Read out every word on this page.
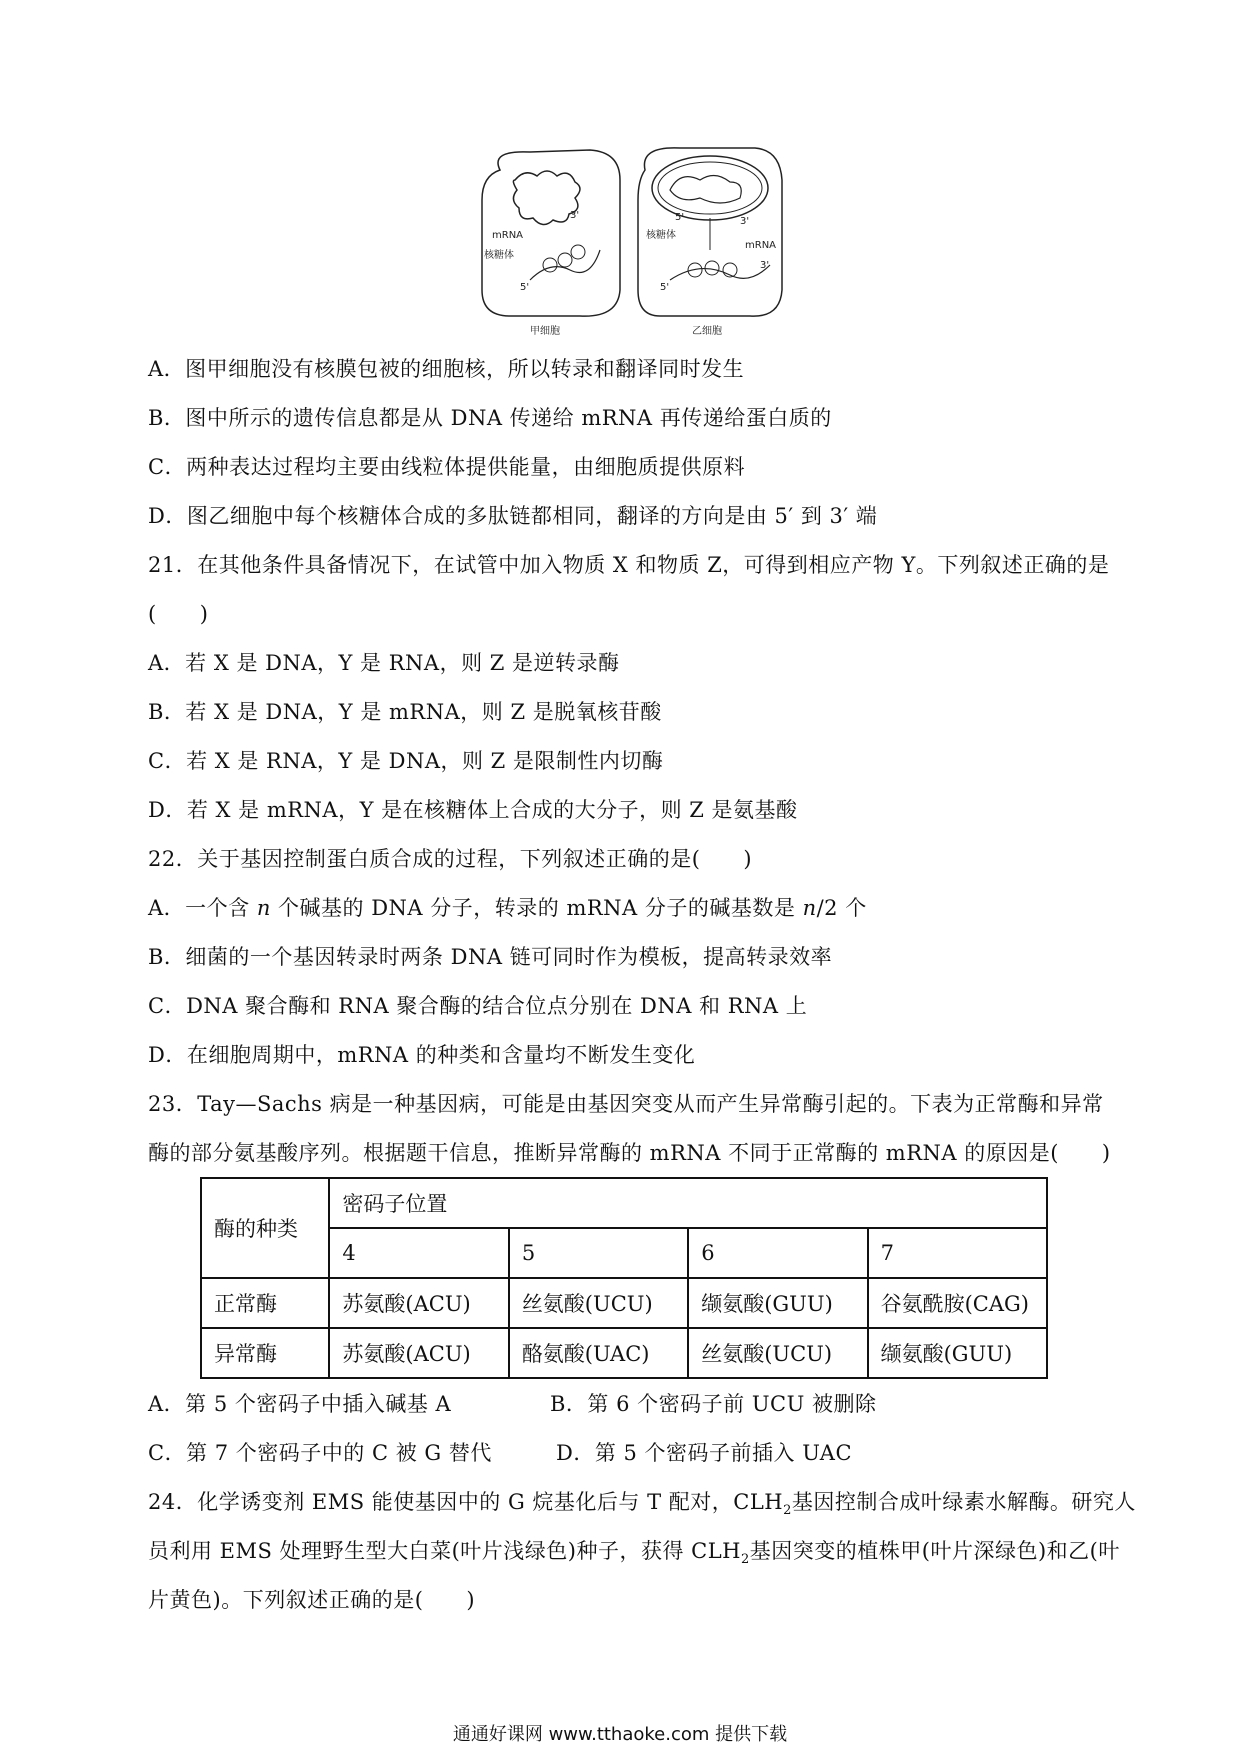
mRNA
核糖体
5'
3'
甲细胞
核糖体
mRNA
5'
3'
5'	3'
乙细胞
A．图甲细胞没有核膜包被的细胞核，所以转录和翻译同时发生
B．图中所示的遗传信息都是从 DNA 传递给 mRNA 再传递给蛋白质的
C．两种表达过程均主要由线粒体提供能量，由细胞质提供原料
D．图乙细胞中每个核糖体合成的多肽链都相同，翻译的方向是由 5′ 到 3′ 端
21．在其他条件具备情况下，在试管中加入物质 X 和物质 Z，可得到相应产物 Y。下列叙述正确的是
(　　)
A．若 X 是 DNA，Y 是 RNA，则 Z 是逆转录酶
B．若 X 是 DNA，Y 是 mRNA，则 Z 是脱氧核苷酸
C．若 X 是 RNA，Y 是 DNA，则 Z 是限制性内切酶
D．若 X 是 mRNA，Y 是在核糖体上合成的大分子，则 Z 是氨基酸
22．关于基因控制蛋白质合成的过程，下列叙述正确的是(　　)
A．一个含 n 个碱基的 DNA 分子，转录的 mRNA 分子的碱基数是 n/2 个
B．细菌的一个基因转录时两条 DNA 链可同时作为模板，提高转录效率
C．DNA 聚合酶和 RNA 聚合酶的结合位点分别在 DNA 和 RNA 上
D．在细胞周期中，mRNA 的种类和含量均不断发生变化
23．Tay—Sachs 病是一种基因病，可能是由基因突变从而产生异常酶引起的。下表为正常酶和异常
酶的部分氨基酸序列。根据题干信息，推断异常酶的 mRNA 不同于正常酶的 mRNA 的原因是(　　)
酶的种类	密码子位置			
	4	5	6	7
正常酶	苏氨酸(ACU)	丝氨酸(UCU)	缬氨酸(GUU)	谷氨酰胺(CAG)
异常酶	苏氨酸(ACU)	酪氨酸(UAC)	丝氨酸(UCU)	缬氨酸(GUU)
A．第 5 个密码子中插入碱基 A	B．第 6 个密码子前 UCU 被删除
C．第 7 个密码子中的 C 被 G 替代	D．第 5 个密码子前插入 UAC
24．化学诱变剂 EMS 能使基因中的 G 烷基化后与 T 配对，$CLH_2$基因控制合成叶绿素水解酶。研究人
员利用 EMS 处理野生型大白菜(叶片浅绿色)种子，获得 $CLH_2$基因突变的植株甲(叶片深绿色)和乙(叶
片黄色)。下列叙述正确的是(　　)
通通好课网 www.tthaoke.com 提供下载
